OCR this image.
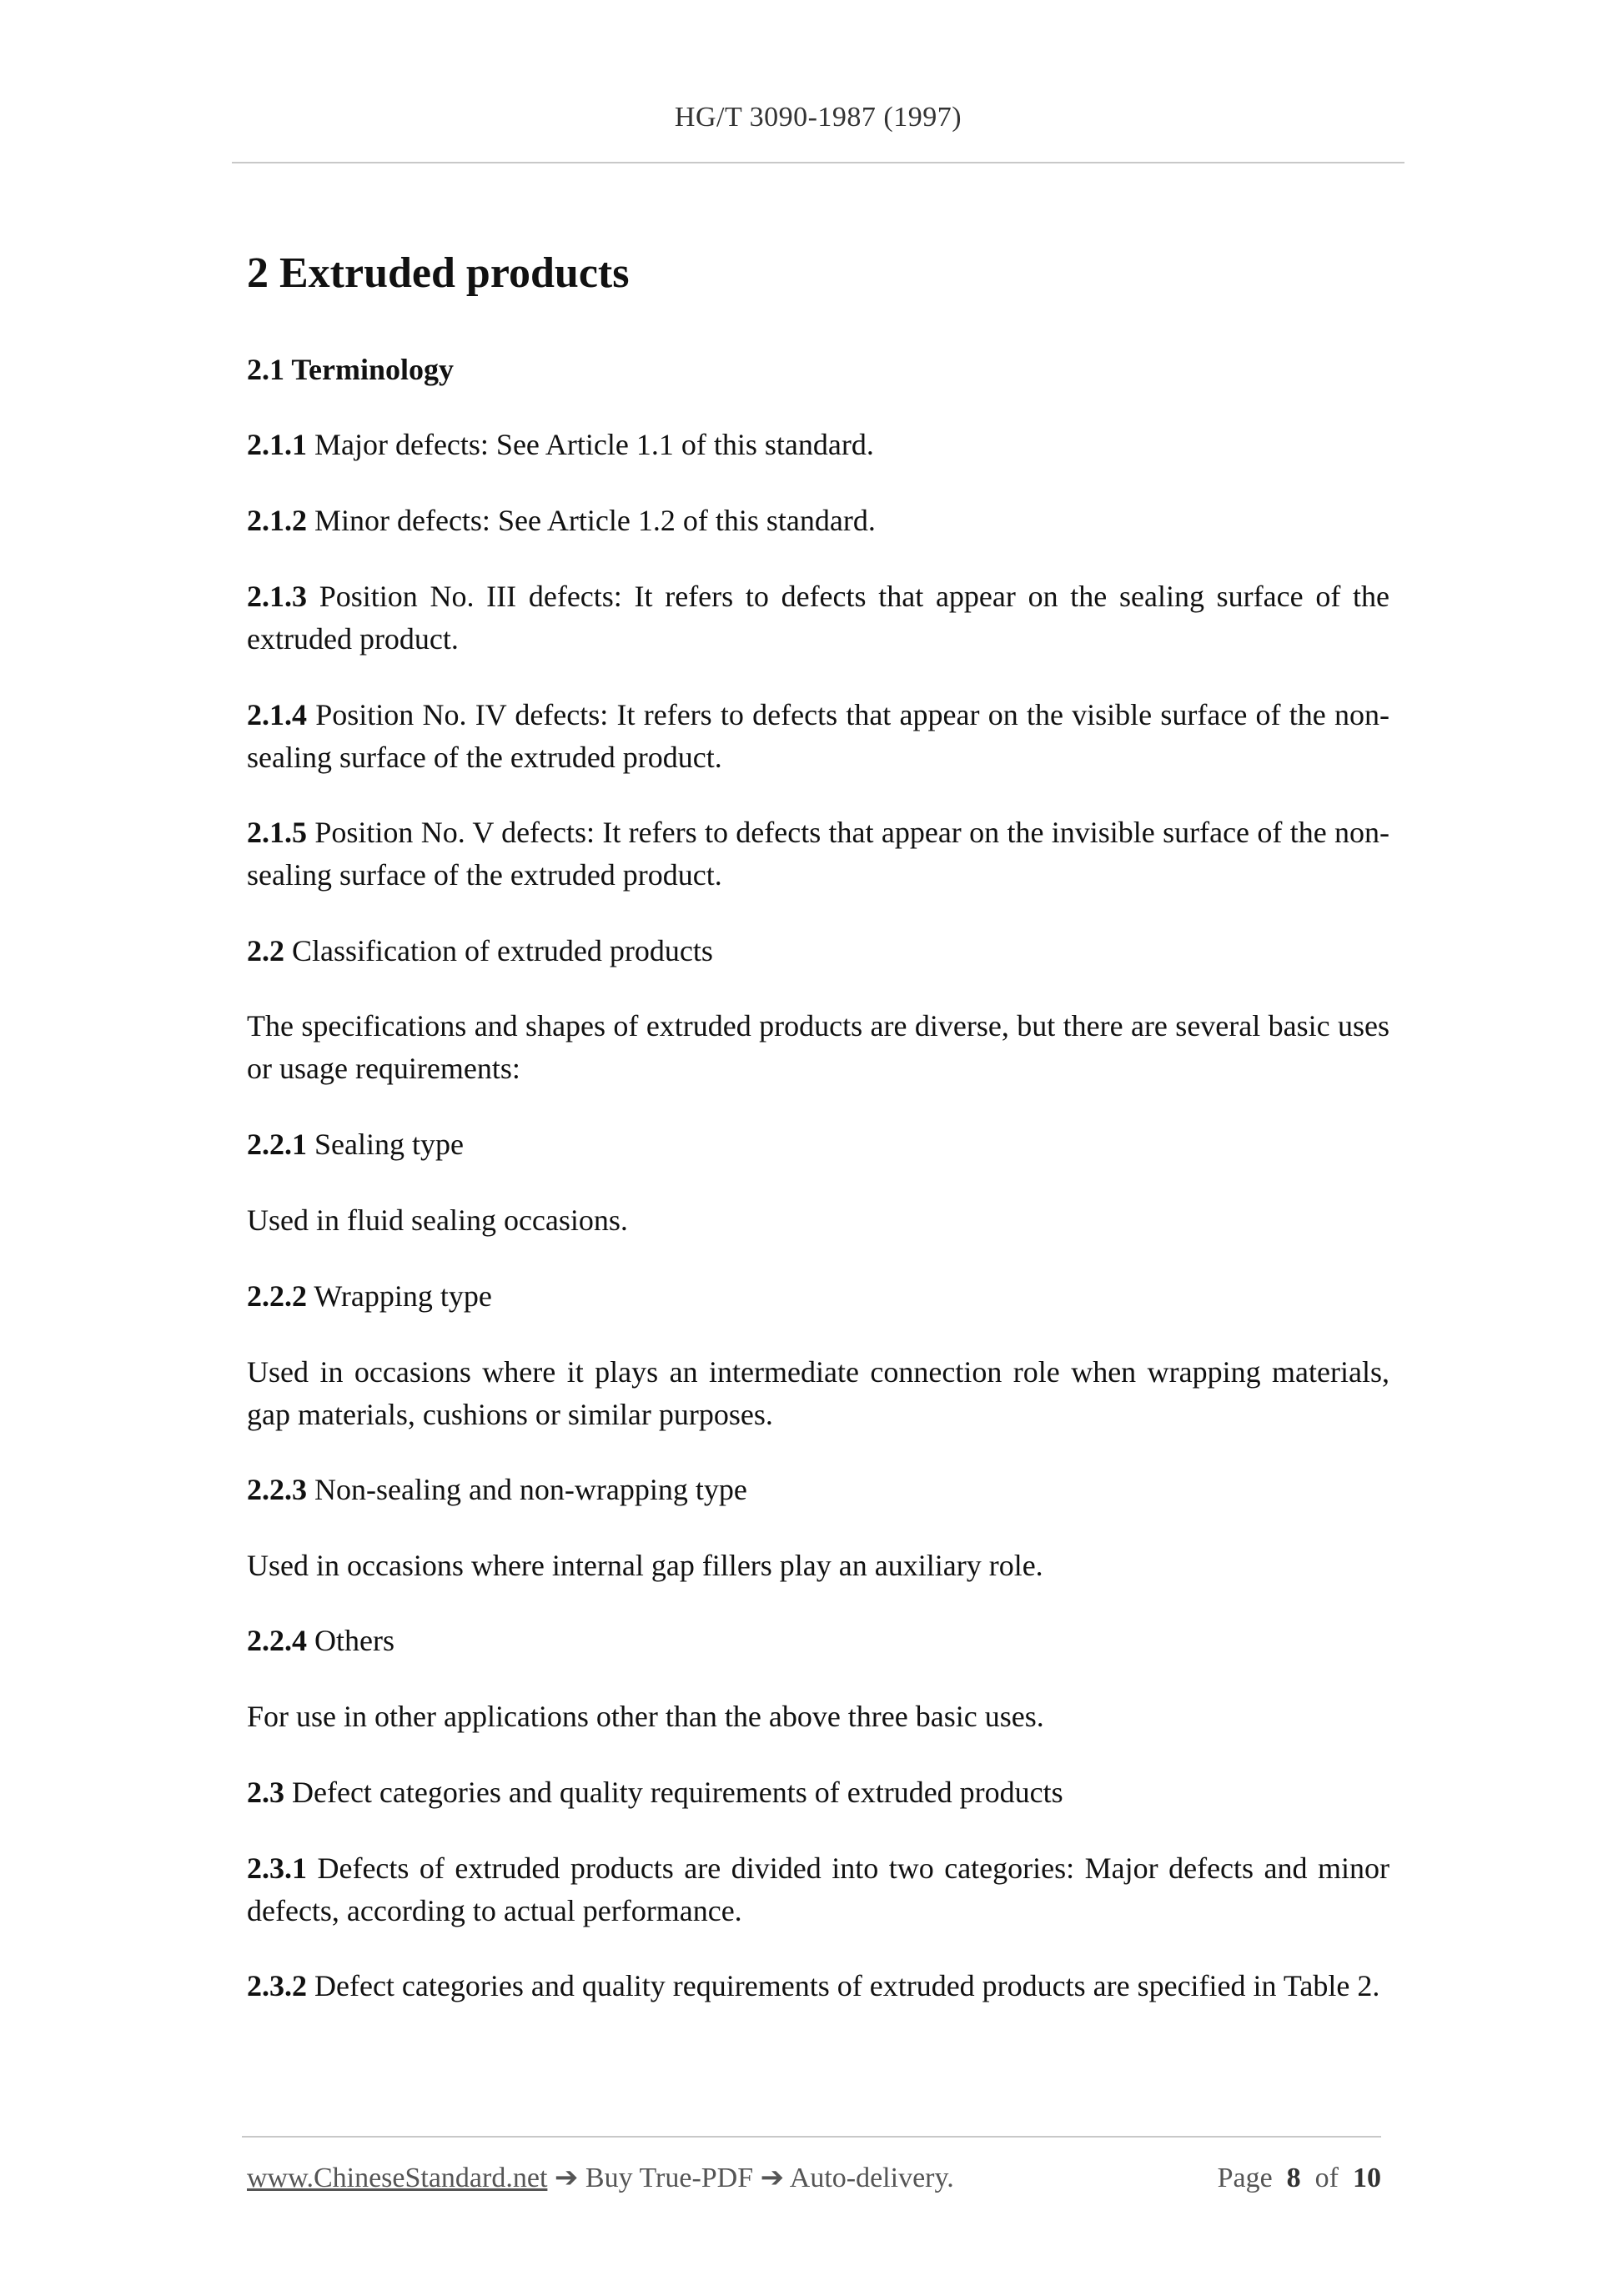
HG/T 3090-1987 (1997)
2 Extruded products

2.1 Terminology

2.1.1 Major defects: See Article 1.1 of this standard.

2.1.2 Minor defects: See Article 1.2 of this standard.

2.1.3 Position No. III defects: It refers to defects that appear on the sealing surface of the extruded product.

2.1.4 Position No. IV defects: It refers to defects that appear on the visible surface of the non-sealing surface of the extruded product.

2.1.5 Position No. V defects: It refers to defects that appear on the invisible surface of the non-sealing surface of the extruded product.

2.2 Classification of extruded products

The specifications and shapes of extruded products are diverse, but there are several basic uses or usage requirements:

2.2.1 Sealing type

Used in fluid sealing occasions.

2.2.2 Wrapping type

Used in occasions where it plays an intermediate connection role when wrapping materials, gap materials, cushions or similar purposes.

2.2.3 Non-sealing and non-wrapping type

Used in occasions where internal gap fillers play an auxiliary role.

2.2.4 Others

For use in other applications other than the above three basic uses.

2.3 Defect categories and quality requirements of extruded products

2.3.1 Defects of extruded products are divided into two categories: Major defects and minor defects, according to actual performance.

2.3.2 Defect categories and quality requirements of extruded products are specified in Table 2.

www.ChineseStandard.net ➔ Buy True-PDF ➔ Auto-delivery.	Page 8 of 10
